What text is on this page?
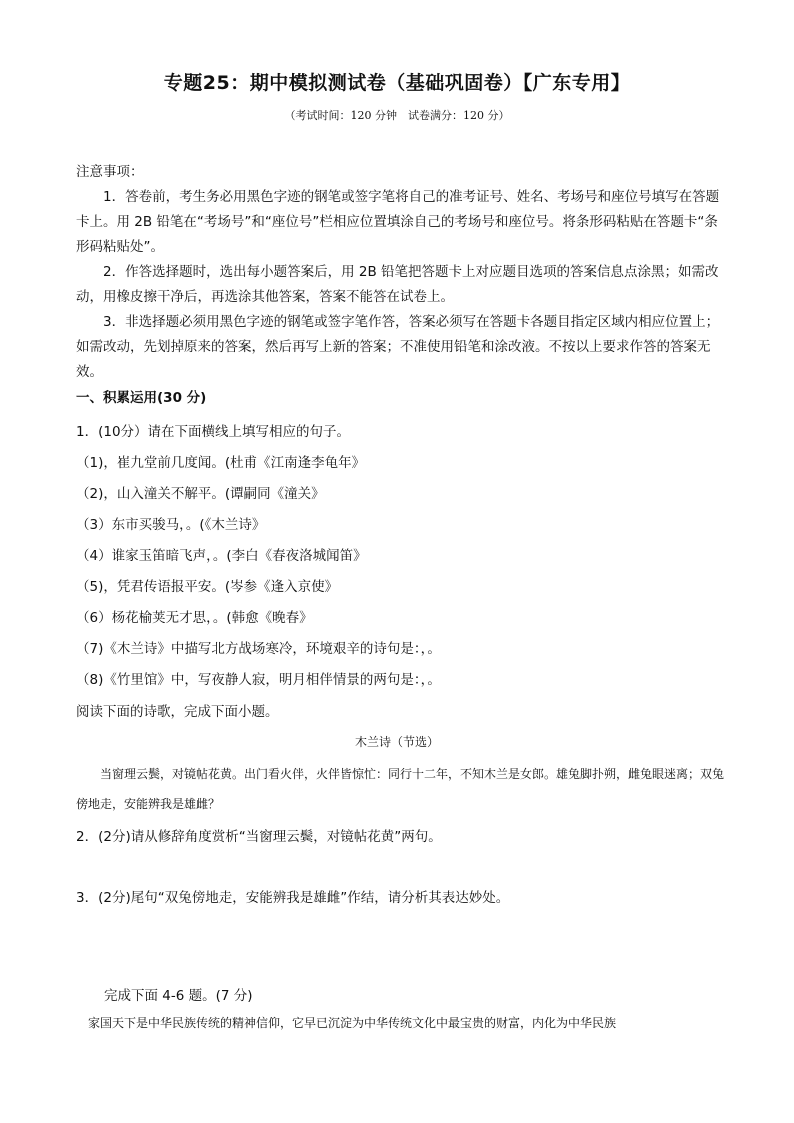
专题25：期中模拟测试卷（基础巩固卷）【广东专用】
（考试时间：120 分钟　试卷满分：120 分）
注意事项：

1．答卷前，考生务必用黑色字迹的钢笔或签字笔将自己的准考证号、姓名、考场号和座位号填写在答题卡上。用 2B 铅笔在“考场号”和“座位号”栏相应位置填涂自己的考场号和座位号。将条形码粘贴在答题卡“条形码粘贴处”。

2．作答选择题时，选出每小题答案后，用 2B 铅笔把答题卡上对应题目选项的答案信息点涂黑；如需改动，用橡皮擦干净后，再选涂其他答案，答案不能答在试卷上。

3．非选择题必须用黑色字迹的钢笔或签字笔作答，答案必须写在答题卡各题目指定区域内相应位置上；如需改动，先划掉原来的答案，然后再写上新的答案；不准使用铅笔和涂改液。不按以上要求作答的答案无效。

一、积累运用(30 分)
1．(10分）请在下面横线上填写相应的句子。
（1)，崔九堂前几度闻。(杜甫《江南逢李龟年》
（2)，山入潼关不解平。(谭嗣同《潼关》
（3）东市买骏马，。(《木兰诗》
（4）谁家玉笛暗飞声，。(李白《春夜洛城闻笛》
（5)，凭君传语报平安。(岑参《逢入京使》
（6）杨花榆荚无才思，。(韩愈《晚春》
（7)《木兰诗》中描写北方战场寒冷，环境艰辛的诗句是：，。
（8)《竹里馆》中，写夜静人寂，明月相伴情景的两句是：，。
阅读下面的诗歌，完成下面小题。
木兰诗（节选）

当窗理云鬓，对镜帖花黄。出门看火伴，火伴皆惊忙：同行十二年，不知木兰是女郎。雄兔脚扑朔，雌兔眼迷离；双兔傍地走，安能辨我是雄雌？

2．(2分)请从修辞角度赏析“当窗理云鬓，对镜帖花黄”两句。
3．(2分)尾句“双兔傍地走，安能辨我是雄雌”作结，请分析其表达妙处。
完成下面 4-6 题。(7 分)
家国天下是中华民族传统的精神信仰，它早已沉淀为中华传统文化中最宝贵的财富，内化为中华民族
